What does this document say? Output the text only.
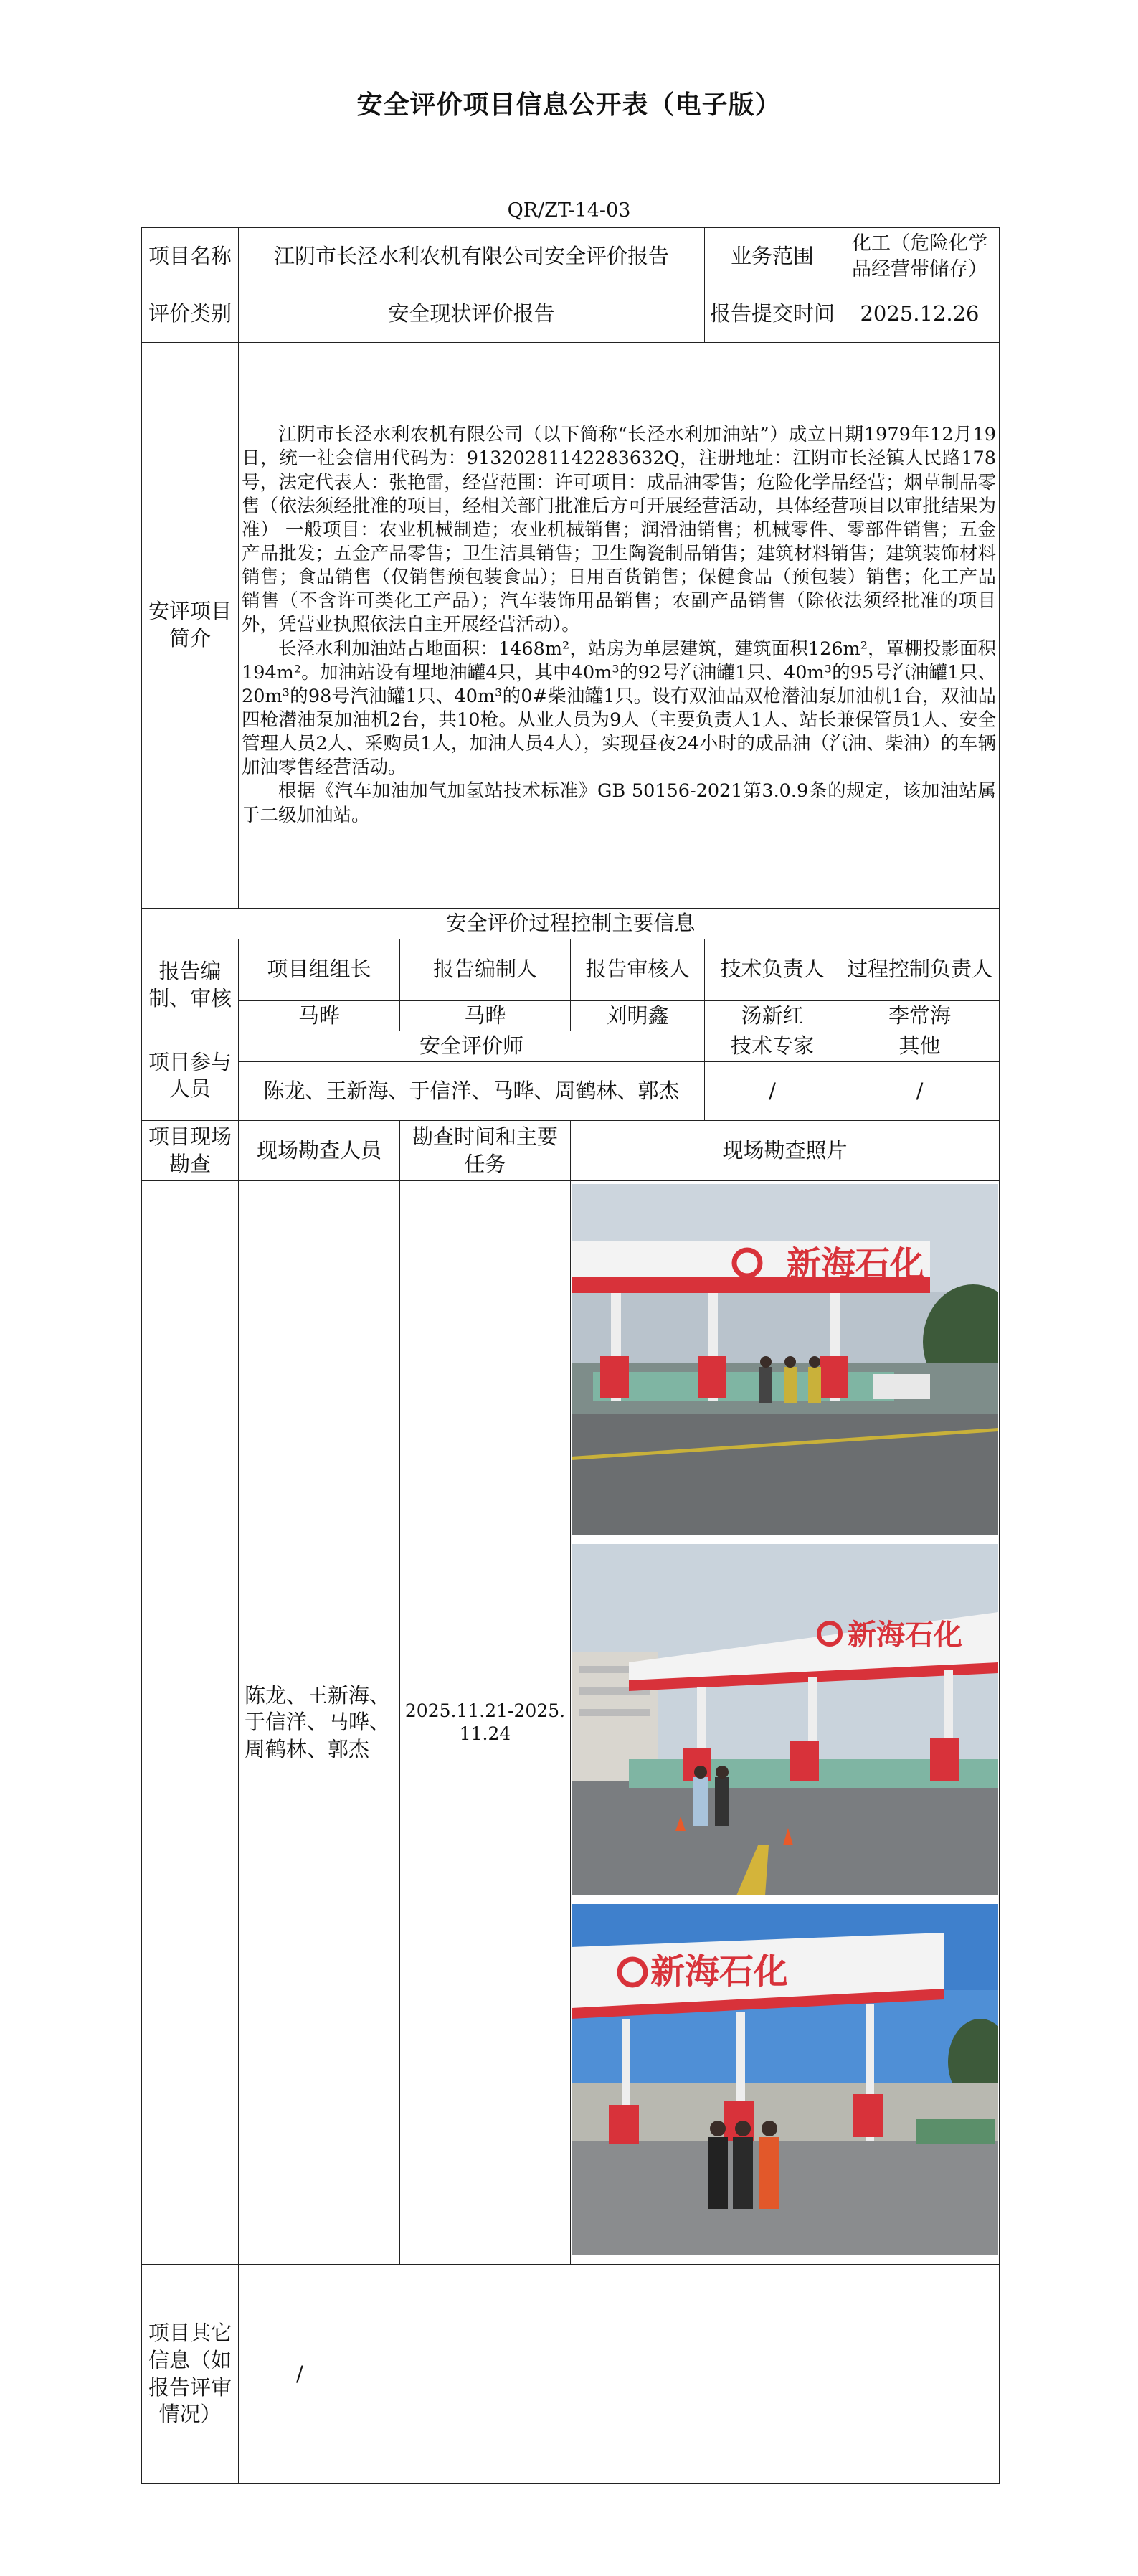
安全评价项目信息公开表（电子版）
QR/ZT-14-03
项目名称	江阴市长泾水利农机有限公司安全评价报告			业务范围	化工（危险化学品经营带储存）
评价类别	安全现状评价报告			报告提交时间	2025.12.26
安评项目简介	江阴市长泾水利农机有限公司（以下简称“长泾水利加油站”）成立日期1979年12月19日，统一社会信用代码为：91320281142283632Q，注册地址：江阴市长泾镇人民路178号，法定代表人：张艳雷，经营范围：许可项目：成品油零售；危险化学品经营；烟草制品零售（依法须经批准的项目，经相关部门批准后方可开展经营活动，具体经营项目以审批结果为准） 一般项目：农业机械制造；农业机械销售；润滑油销售；机械零件、零部件销售；五金产品批发；五金产品零售；卫生洁具销售；卫生陶瓷制品销售；建筑材料销售；建筑装饰材料销售；食品销售（仅销售预包装食品）；日用百货销售；保健食品（预包装）销售；化工产品销售（不含许可类化工产品）；汽车装饰用品销售；农副产品销售（除依法须经批准的项目外，凭营业执照依法自主开展经营活动）。

长泾水利加油站占地面积：1468m²，站房为单层建筑，建筑面积126m²，罩棚投影面积194m²。加油站设有埋地油罐4只，其中40m³的92号汽油罐1只、40m³的95号汽油罐1只、20m³的98号汽油罐1只、40m³的0#柴油罐1只。设有双油品双枪潜油泵加油机1台，双油品四枪潜油泵加油机2台，共10枪。从业人员为9人（主要负责人1人、站长兼保管员1人、安全管理人员2人、采购员1人，加油人员4人），实现昼夜24小时的成品油（汽油、柴油）的车辆加油零售经营活动。

根据《汽车加油加气加氢站技术标准》GB 50156-2021第3.0.9条的规定，该加油站属于二级加油站。				

安全评价过程控制主要信息					
报告编制、审核	项目组组长	报告编制人	报告审核人	技术负责人	过程控制负责人
	马晔	马晔	刘明鑫	汤新红	李常海
项目参与人员	安全评价师			技术专家	其他
	陈龙、王新海、于信洋、马晔、周鹤林、郭杰			/	/
项目现场勘查	现场勘查人员	勘查时间和主要任务	现场勘查照片		
	陈龙、王新海、于信洋、马晔、周鹤林、郭杰	2025.11.21-2025.11.24	新海石化
新海石化
新海石化		

项目其它信息（如报告评审情况）	/				
